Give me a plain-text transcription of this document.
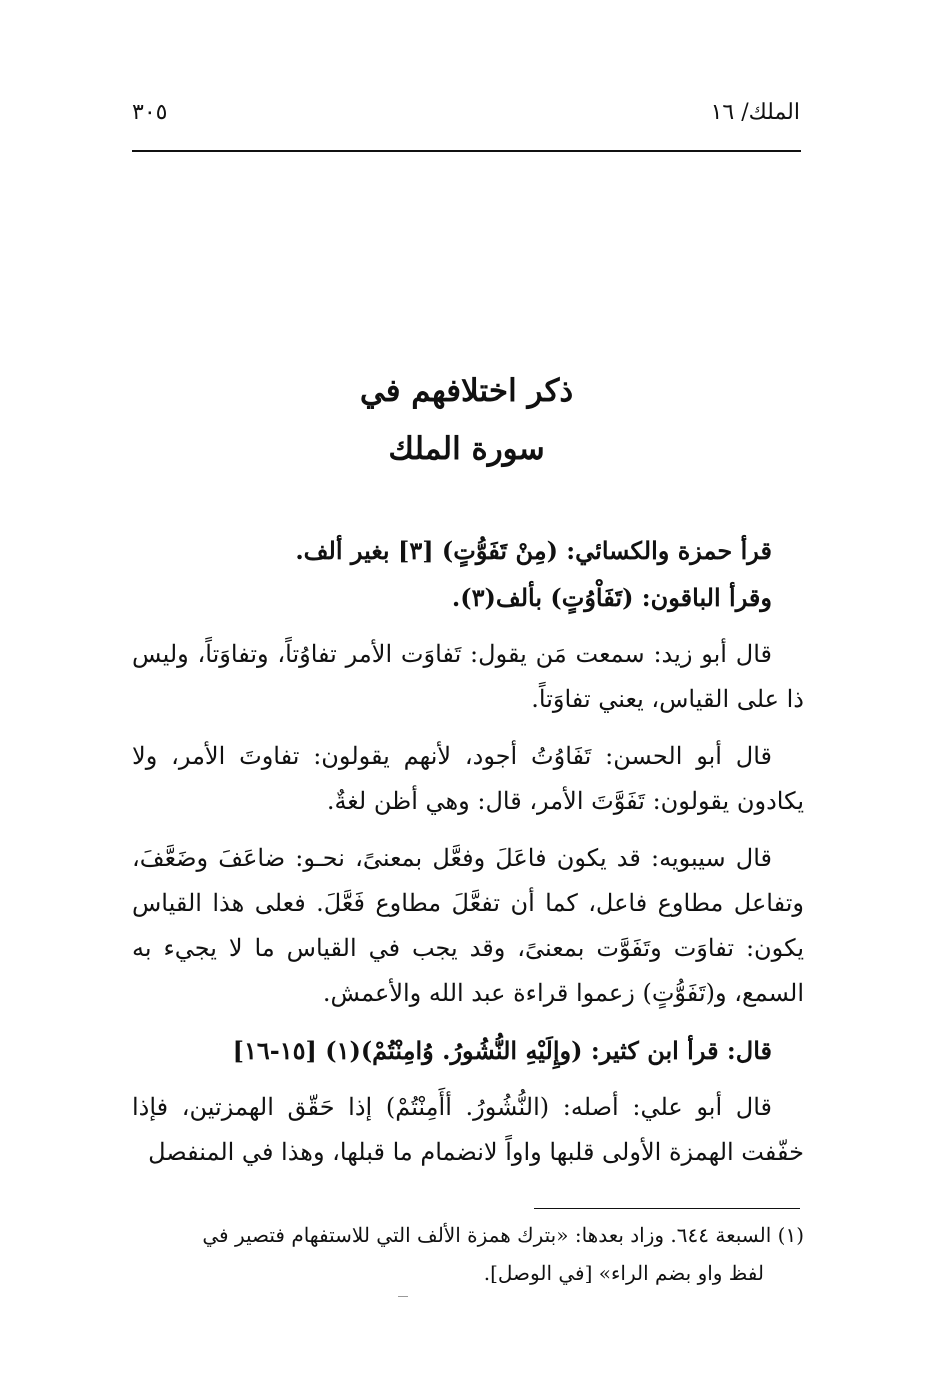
الملك/ ١٦
٣٠٥
ذكر اختلافهم في
سورة الملك

قرأ حمزة والكسائي: (مِنْ تَفَوُّتٍ) [٣] بغير ألف.

وقرأ الباقون: (تَفَاْوُتٍ) بألف(٣).

قال أبو زيد: سمعت مَن يقول: تَفاوَت الأمر تفاوُتاً، وتفاوَتاً، وليس ذا على القياس، يعني تفاوَتاً.

قال أبو الحسن: تَفَاوُتُ أجود، لأنهم يقولون: تفاوتَ الأمر، ولا يكادون يقولون: تَفَوَّتَ الأمر، قال: وهي أظن لغةٌ.

قال سيبويه: قد يكون فاعَلَ وفعَّل بمعنىً، نحـو: ضاعَفَ وضَعَّفَ، وتفاعل مطاوع فاعل، كما أن تفعَّلَ مطاوع فَعَّلَ. فعلى هذا القياس يكون: تفاوَت وتَفَوَّت بمعنىً، وقد يجب في القياس ما لا يجيء به السمع، و(تَفَوُّتٍ) زعموا قراءة عبد الله والأعمش.

قال: قرأ ابن كثير: (وإِلَيْهِ النُّشُورُ. وُامِنْتُمْ)(١) [١٥-١٦]

قال أبو علي: أصله: (النُّشُورُ. أأَمِنْتُمْ) إذا حَقّق الهمزتين، فإذا خفّفت الهمزة الأولى قلبها واواً لانضمام ما قبلها، وهذا في المنفصل

(١) السبعة ٦٤٤. وزاد بعدها: «بترك همزة الألف التي للاستفهام فتصير في

لفظ واو بضم الراء» [في الوصل].
